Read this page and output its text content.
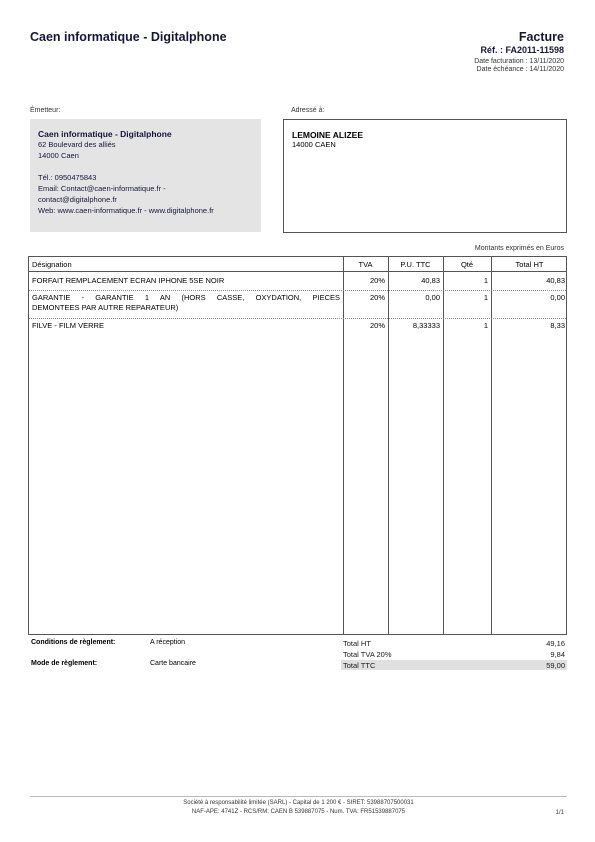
Caen informatique - Digitalphone	Facture
Réf. : FA2011-11598
Date facturation : 13/11/2020
Date échéance : 14/11/2020
Émetteur:
Caen informatique - Digitalphone
62 Boulevard des alliés
14000 Caen
Tél.: 0950475843
Email: Contact@caen-informatique.fr -
contact@digitalphone.fr
Web: www.caen-informatique.fr - www.digitalphone.fr
Adressé à:
LEMOINE ALIZEE
14000 CAEN
Montants exprimés en Euros
Désignation	TVA	P.U. TTC	Qté	Total HT
FORFAIT REMPLACEMENT ECRAN IPHONE 5SE NOIR	20%	40,83	1	40,83
GARANTIE - GARANTIE 1 AN (HORS CASSE, OXYDATION, PIECES
DEMONTEES PAR AUTRE REPARATEUR)
20%	0,00	1	0,00
FILVE - FILM VERRE	20%	8,33333	1	8,33
Conditions de règlement:	A réception
Mode de règlement:	Carte bancaire
Total HT	49,16
Total TVA 20%	9,84
Total TTC	59,00
Société à responsabilité limitée (SARL) - Capital de 1 200 € - SIRET: 53988707500031
NAF-APE: 4741Z - RCS/RM: CAEN B 539887075 - Num. TVA: FR51539887075	1/1
